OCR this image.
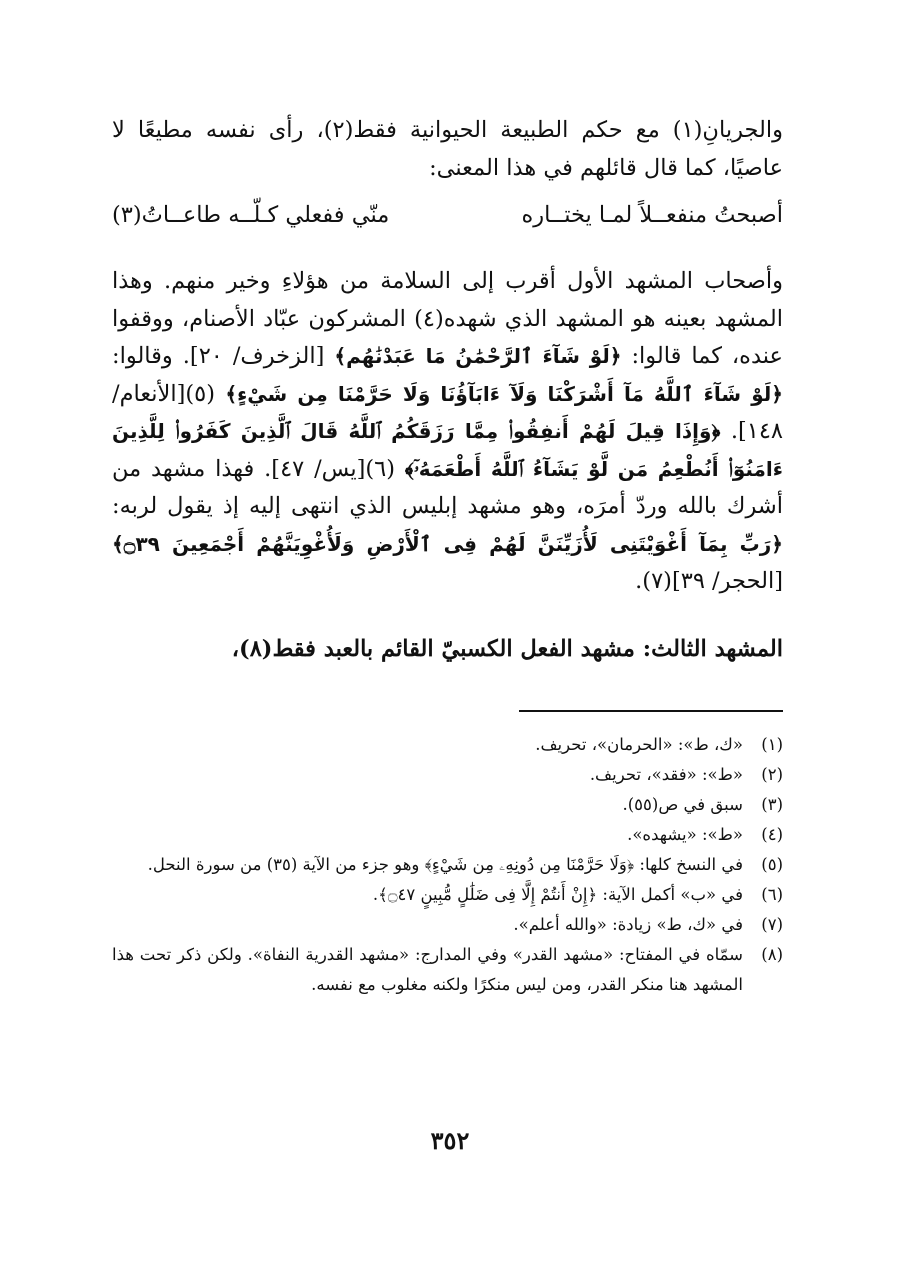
والجريانِ(١) مع حكم الطبيعة الحيوانية فقط(٢)، رأى نفسه مطيعًا لا عاصيًا، كما قال قائلهم في هذا المعنى:

أصبحتُ منفعــلاً لمـا يختــاره
منّي ففعلي كـلّــه طاعــاتُ(٣)

وأصحاب المشهد الأول أقرب إلى السلامة من هؤلاءِ وخير منهم. وهذا المشهد بعينه هو المشهد الذي شهده(٤) المشركون عبّاد الأصنام، ووقفوا عنده، كما قالوا: ﴿لَوْ شَآءَ ٱلرَّحْمَٰنُ مَا عَبَدْنَٰهُم﴾ [الزخرف/ ٢٠]. وقالوا: ﴿لَوْ شَآءَ ٱللَّهُ مَآ أَشْرَكْنَا وَلَآ ءَابَآؤُنَا وَلَا حَرَّمْنَا مِن شَيْءٍ﴾ (٥)[الأنعام/ ١٤٨]. ﴿وَإِذَا قِيلَ لَهُمْ أَنفِقُوا۟ مِمَّا رَزَقَكُمُ ٱللَّهُ قَالَ ٱلَّذِينَ كَفَرُوا۟ لِلَّذِينَ ءَامَنُوٓا۟ أَنُطْعِمُ مَن لَّوْ يَشَآءُ ٱللَّهُ أَطْعَمَهُۥٓ﴾ (٦)[يس/ ٤٧]. فهذا مشهد من أشرك بالله وردّ أمرَه، وهو مشهد إبليس الذي انتهى إليه إذ يقول لربه: ﴿رَبِّ بِمَآ أَغْوَيْتَنِى لَأُزَيِّنَنَّ لَهُمْ فِى ٱلْأَرْضِ وَلَأُغْوِيَنَّهُمْ أَجْمَعِينَ ۝٣٩﴾ [الحجر/ ٣٩](٧).

المشهد الثالث: مشهد الفعل الكسبيّ القائم بالعبد فقط(٨)،
(١)
«ك، ط»: «الحرمان»، تحريف.
(٢)
«ط»: «فقد»، تحريف.
(٣)
سبق في ص(٥٥).
(٤)
«ط»: «يشهده».
(٥)
في النسخ كلها: ﴿وَلَا حَرَّمْنَا مِن دُونِهِۦ مِن شَيْءٍ﴾ وهو جزء من الآية (٣٥) من سورة النحل.
(٦)
في «ب» أكمل الآية: ﴿إِنْ أَنتُمْ إِلَّا فِى ضَلَٰلٍ مُّبِينٍ ۝٤٧﴾.
(٧)
في «ك، ط» زيادة: «والله أعلم».
(٨)
سمّاه في المفتاح: «مشهد القدر» وفي المدارج: «مشهد القدرية النفاة». ولكن ذكر تحت هذا المشهد هنا منكر القدر، ومن ليس منكرًا ولكنه مغلوب مع نفسه.
٣٥٢
